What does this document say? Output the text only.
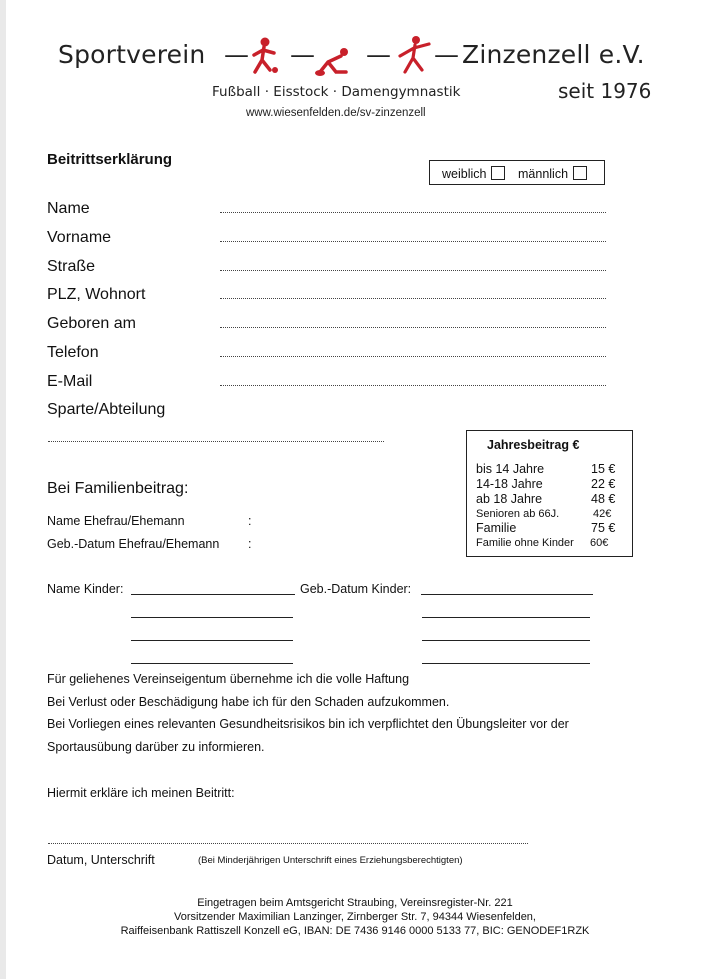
Sportverein — — — — Zinzenzell e.V.
Fußball · Eisstock · Damengymnastik
www.wiesenfelden.de/sv-zinzenzell
seit 1976
Beitrittserklärung
weiblich	männlich
Name
Vorname
Straße
PLZ, Wohnort
Geboren am
Telefon
E-Mail
Sparte/Abteilung
Jahresbeitrag €
bis 14 Jahre	15 €
14-18 Jahre	22 €
ab 18 Jahre	48 €
Senioren ab 66J.	42€
Familie	75 €
Familie ohne Kinder 60€
Bei Familienbeitrag:
Name Ehefrau/Ehemann	:
Geb.-Datum Ehefrau/Ehemann :
Name Kinder:	Geb.-Datum Kinder:
Für geliehenes Vereinseigentum übernehme ich die volle Haftung
Bei Verlust oder Beschädigung habe ich für den Schaden aufzukommen.
Bei Vorliegen eines relevanten Gesundheitsrisikos bin ich verpflichtet den Übungsleiter vor der
Sportausübung darüber zu informieren.
Hiermit erkläre ich meinen Beitritt:
Datum, Unterschrift	(Bei Minderjährigen Unterschrift eines Erziehungsberechtigten)
Eingetragen beim Amtsgericht Straubing, Vereinsregister-Nr. 221
Vorsitzender Maximilian Lanzinger, Zirnberger Str. 7, 94344 Wiesenfelden,
Raiffeisenbank Rattiszell Konzell eG, IBAN: DE 7436 9146 0000 5133 77, BIC: GENODEF1RZK
